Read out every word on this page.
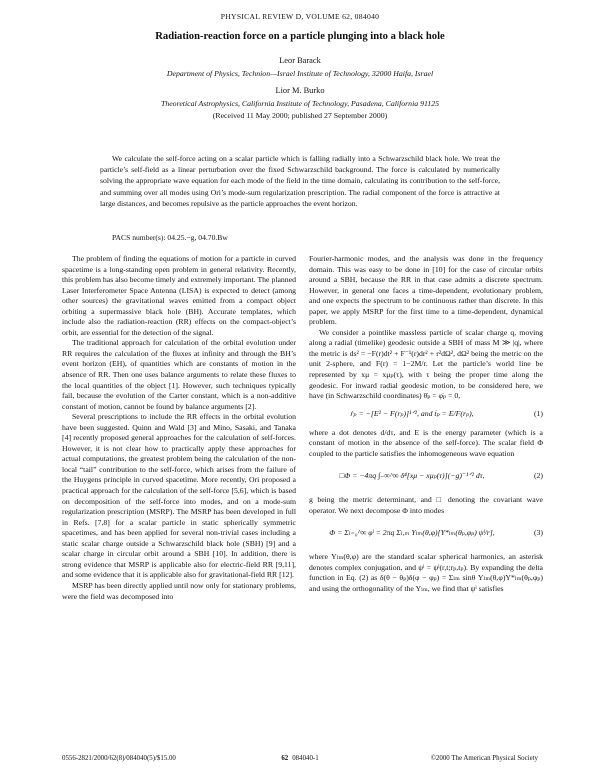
PHYSICAL REVIEW D, VOLUME 62, 084040
Radiation-reaction force on a particle plunging into a black hole
Leor Barack
Department of Physics, Technion—Israel Institute of Technology, 32000 Haifa, Israel
Lior M. Burko
Theoretical Astrophysics, California Institute of Technology, Pasadena, California 91125
(Received 11 May 2000; published 27 September 2000)
We calculate the self-force acting on a scalar particle which is falling radially into a Schwarzschild black hole. We treat the particle’s self-field as a linear perturbation over the fixed Schwarzschild background. The force is calculated by numerically solving the appropriate wave equation for each mode of the field in the time domain, calculating its contribution to the self-force, and summing over all modes using Ori’s mode-sum regularization prescription. The radial component of the force is attractive at large distances, and becomes repulsive as the particle approaches the event horizon.
PACS number(s): 04.25.−g, 04.70.Bw

The problem of finding the equations of motion for a particle in curved spacetime is a long-standing open problem in general relativity. Recently, this problem has also become timely and extremely important. The planned Laser Interferometer Space Antenna (LISA) is expected to detect (among other sources) the gravitational waves emitted from a compact object orbiting a supermassive black hole (BH). Accurate templates, which include also the radiation-reaction (RR) effects on the compact-object’s orbit, are essential for the detection of the signal.

The traditional approach for calculation of the orbital evolution under RR requires the calculation of the fluxes at infinity and through the BH’s event horizon (EH), of quantities which are constants of motion in the absence of RR. Then one uses balance arguments to relate these fluxes to the local quantities of the object [1]. However, such techniques typically fail, because the evolution of the Carter constant, which is a non-additive constant of motion, cannot be found by balance arguments [2].

Several prescriptions to include the RR effects in the orbital evolution have been suggested. Quinn and Wald [3] and Mino, Sasaki, and Tanaka [4] recently proposed general approaches for the calculation of self-forces. However, it is not clear how to practically apply these approaches for actual computations, the greatest problem being the calculation of the non-local “tail” contribution to the self-force, which arises from the failure of the Huygens principle in curved spacetime. More recently, Ori proposed a practical approach for the calculation of the self-force [5,6], which is based on decomposition of the self-force into modes, and on a mode-sum regularization prescription (MSRP). The MSRP has been developed in full in Refs. [7,8] for a scalar particle in static spherically symmetric spacetimes, and has been applied for several non-trivial cases including a static scalar charge outside a Schwarzschild black hole (SBH) [9] and a scalar charge in circular orbit around a SBH [10]. In addition, there is strong evidence that MSRP is applicable also for electric-field RR [9,11], and some evidence that it is applicable also for gravitational-field RR [12].

MSRP has been directly applied until now only for stationary problems, were the field was decomposed into

Fourier-harmonic modes, and the analysis was done in the frequency domain. This was easy to be done in [10] for the case of circular orbits around a SBH, because the RR in that case admits a discrete spectrum. However, in general one faces a time-dependent, evolutionary problem, and one expects the spectrum to be continuous rather than discrete. In this paper, we apply MSRP for the first time to a time-dependent, dynamical problem.

We consider a pointlike massless particle of scalar charge q, moving along a radial (timelike) geodesic outside a SBH of mass M ≫ |q|, where the metric is ds² = −F(r)dt² + F⁻¹(r)dr² + r²dΩ², dΩ² being the metric on the unit 2-sphere, and F(r) = 1−2M/r. Let the particle’s world line be represented by xμ = xμₚ(τ), with τ being the proper time along the geodesic. For inward radial geodesic motion, to be considered here, we have (in Schwarzschild coordinates) θ̇ₚ = φ̇ₚ = 0,

ṙₚ = −[E² − F(rₚ)]¹ᐟ², and ṫₚ = E/F(rₚ),	(1)

where a dot denotes d/dτ, and E is the energy parameter (which is a constant of motion in the absence of the self-force). The scalar field Φ coupled to the particle satisfies the inhomogeneous wave equation

□Φ = −4πq ∫₋∞^∞ δ⁴[xμ − xμₚ(τ)](−g)⁻¹ᐟ² dτ,	(2)

g being the metric determinant, and □ denoting the covariant wave operator. We next decompose Φ into modes

Φ = Σₗ₌₀^∞ φˡ = 2πq Σₗ,ₘ Yₗₘ(θ,φ)[Y*ₗₘ(θₚ,φₚ) ψˡ/r],	(3)

where Yₗₘ(θ,φ) are the standard scalar spherical harmonics, an asterisk denotes complex conjugation, and ψˡ = ψˡ(r,t;rₚ,tₚ). By expanding the delta function in Eq. (2) as δ(θ − θₚ)δ(φ − φₚ) = Σₗₘ sinθ Yₗₘ(θ,φ)Y*ₗₘ(θₚ,φₚ) and using the orthogonality of the Yₗₘ, we find that ψˡ satisfies

0556-2821/2000/62(8)/084040(5)/$15.00	62 084040-1	©2000 The American Physical Society
